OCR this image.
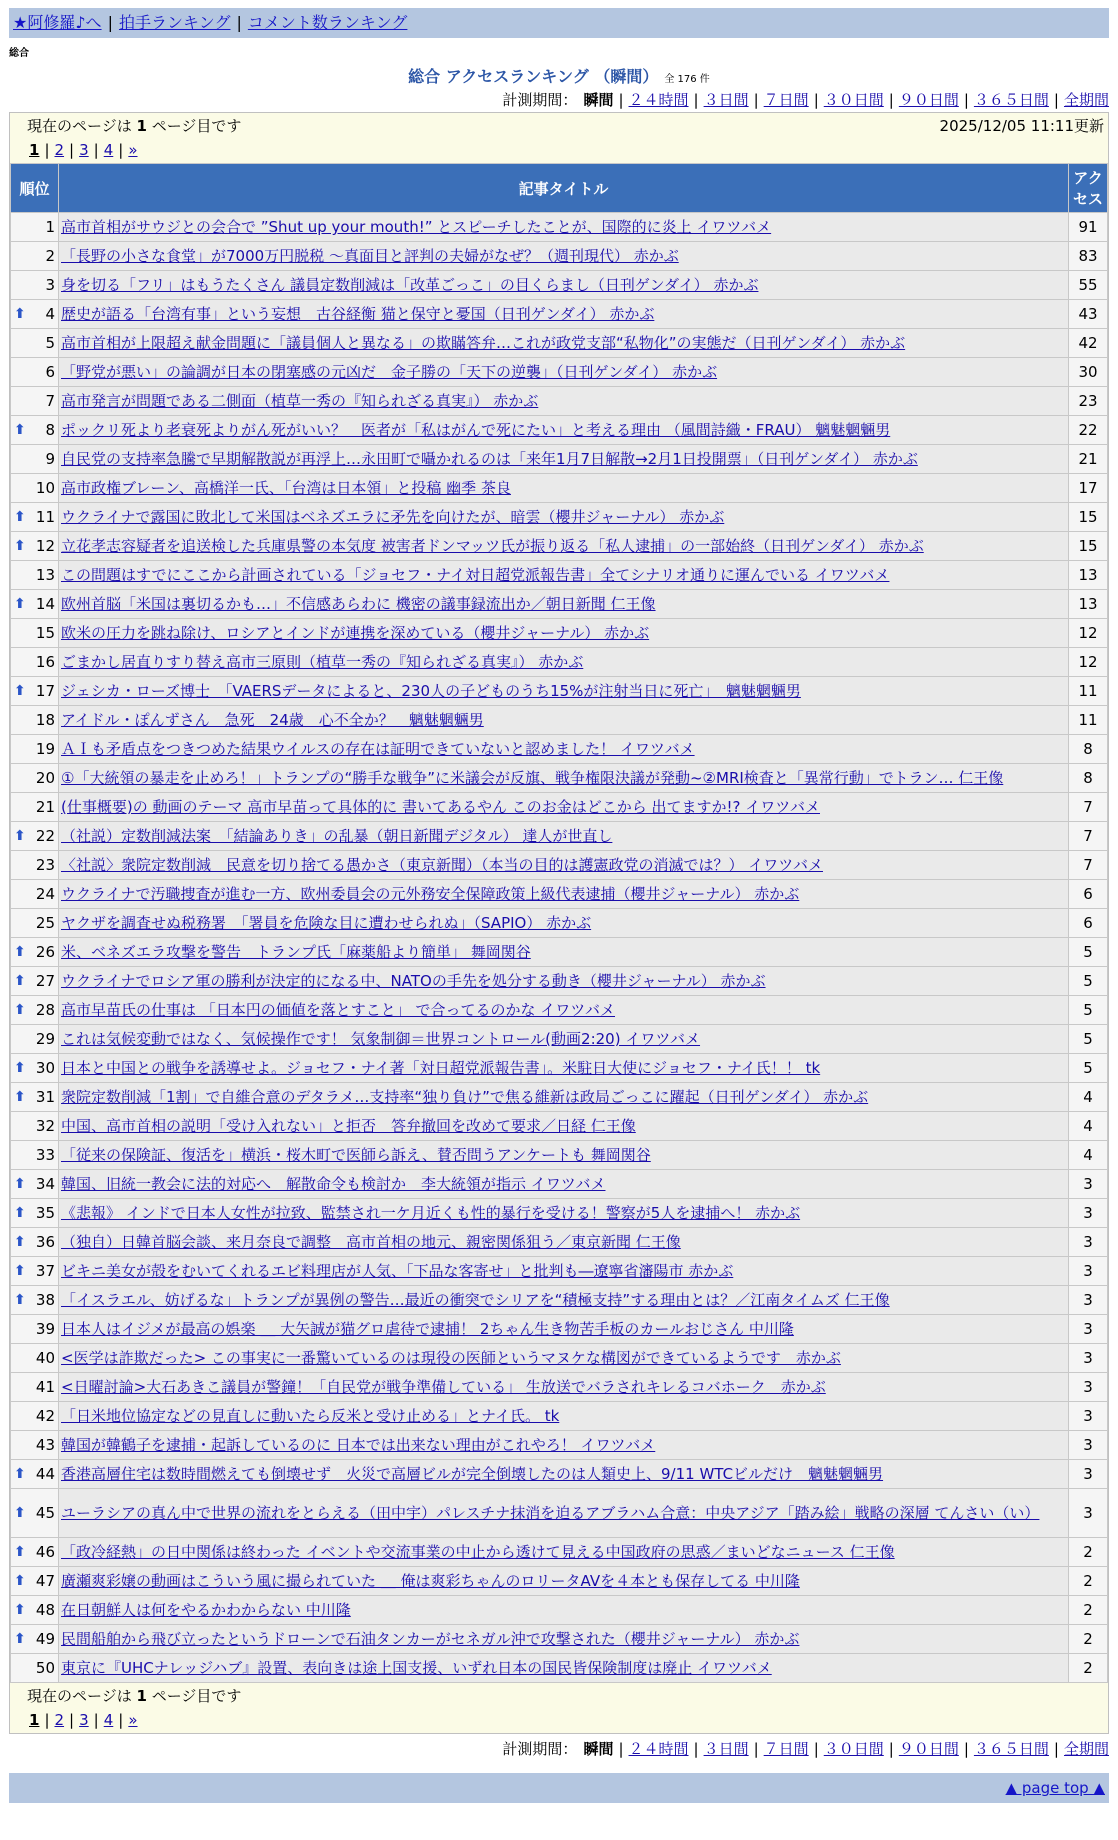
★阿修羅♪へ | 拍手ランキング | コメント数ランキング
総合
総合 アクセスランキング （瞬間） 全 176 件
計測期間： 瞬間 | ２４時間 | ３日間 | ７日間 | ３０日間 | ９０日間 | ３６５日間 | 全期間
現在のページは 1 ページ目です	2025/12/05 11:11更新
1 | 2 | 3 | 4 | »
順位	記事タイトル	アクセス
1	高市首相がサウジとの会合で ”Shut up your mouth!” とスピーチしたことが、国際的に炎上 イワツバメ	91
2	「長野の小さな食堂」が7000万円脱税 ～真面目と評判の夫婦がなぜ？（週刊現代） 赤かぶ	83
3	身を切る「フリ」はもうたくさん 議員定数削減は「改革ごっこ」の目くらまし（日刊ゲンダイ） 赤かぶ	55

⬆ 4	歴史が語る「台湾有事」という妄想　古谷経衡 猫と保守と憂国（日刊ゲンダイ） 赤かぶ	43
5	高市首相が上限超え献金問題に「議員個人と異なる」の欺瞞答弁…これが政党支部“私物化”の実態だ（日刊ゲンダイ） 赤かぶ	42
6	「野党が悪い」の論調が日本の閉塞感の元凶だ　金子勝の「天下の逆襲」（日刊ゲンダイ） 赤かぶ	30
7	高市発言が問題である二側面（植草一秀の『知られざる真実』） 赤かぶ	23

⬆ 8	ポックリ死より老衰死よりがん死がいい？　医者が「私はがんで死にたい」と考える理由 （風間詩織・FRAU） 魑魅魍魎男	22
9	自民党の支持率急騰で早期解散説が再浮上…永田町で囁かれるのは「来年1月7日解散→2月1日投開票」（日刊ゲンダイ） 赤かぶ	21
10	高市政権ブレーン、高橋洋一氏、「台湾は日本領」と投稿 幽季 茶良	17

⬆ 11	ウクライナで露国に敗北して米国はベネズエラに矛先を向けたが、暗雲（櫻井ジャーナル） 赤かぶ	15

⬆ 12	立花孝志容疑者を追送検した兵庫県警の本気度 被害者ドンマッツ氏が振り返る「私人逮捕」の一部始終（日刊ゲンダイ） 赤かぶ	15
13	この問題はすでにここから計画されている「ジョセフ・ナイ対日超党派報告書」全てシナリオ通りに運んでいる イワツバメ	13

⬆ 14	欧州首脳「米国は裏切るかも…」不信感あらわに 機密の議事録流出か／朝日新聞 仁王像	13
15	欧米の圧力を跳ね除け、ロシアとインドが連携を深めている（櫻井ジャーナル） 赤かぶ	12
16	ごまかし居直りすり替え高市三原則（植草一秀の『知られざる真実』） 赤かぶ	12

⬆ 17	ジェシカ・ローズ博士　「VAERSデータによると、230人の子どものうち15%が注射当日に死亡」　魑魅魍魎男	11
18	アイドル・ぽんずさん　急死　24歳　心不全か？　魑魅魍魎男	11
19	ＡＩも矛盾点をつきつめた結果ウイルスの存在は証明できていないと認めました！ イワツバメ	8
20	①「大統領の暴走を止めろ！」トランプの“勝手な戦争”に米議会が反旗、戦争権限決議が発動~②MRI検査と「異常行動」でトラン… 仁王像	8
21	(仕事概要)の 動画のテーマ 高市早苗って具体的に 書いてあるやん このお金はどこから 出てますか!? イワツバメ	7

⬆ 22	（社説）定数削減法案　「結論ありき」の乱暴（朝日新聞デジタル） 達人が世直し	7
23	〈社説〉衆院定数削減　民意を切り捨てる愚かさ（東京新聞）（本当の目的は護憲政党の消滅では？） イワツバメ	7
24	ウクライナで汚職捜査が進む一方、欧州委員会の元外務安全保障政策上級代表逮捕（櫻井ジャーナル） 赤かぶ	6
25	ヤクザを調査せぬ税務署　「署員を危険な目に遭わせられぬ」（SAPIO） 赤かぶ	6

⬆ 26	米、ベネズエラ攻撃を警告　トランプ氏「麻薬船より簡単」 舞岡関谷	5

⬆ 27	ウクライナでロシア軍の勝利が決定的になる中、NATOの手先を処分する動き（櫻井ジャーナル） 赤かぶ	5

⬆ 28	高市早苗氏の仕事は 「日本円の価値を落とすこと」 で合ってるのかな イワツバメ	5
29	これは気候変動ではなく、気候操作です！ 気象制御＝世界コントロール(動画2:20) イワツバメ	5

⬆ 30	日本と中国との戦争を誘導せよ。ジョセフ・ナイ著「対日超党派報告書」。米駐日大使にジョセフ・ナイ氏！！ tk	5

⬆ 31	衆院定数削減「1割」で自維合意のデタラメ…支持率“独り負け”で焦る維新は政局ごっこに躍起（日刊ゲンダイ） 赤かぶ	4
32	中国、高市首相の説明「受け入れない」と拒否　答弁撤回を改めて要求／日経 仁王像	4
33	「従来の保険証、復活を」横浜・桜木町で医師ら訴え、賛否問うアンケートも 舞岡関谷	4

⬆ 34	韓国、旧統一教会に法的対応へ　解散命令も検討か　李大統領が指示 イワツバメ	3

⬆ 35	《悲報》 インドで日本人女性が拉致、監禁され一ケ月近くも性的暴行を受ける！警察が5人を逮捕へ！ 赤かぶ	3

⬆ 36	（独自）日韓首脳会談、来月奈良で調整　高市首相の地元、親密関係狙う／東京新聞 仁王像	3

⬆ 37	ビキニ美女が殻をむいてくれるエビ料理店が人気、「下品な客寄せ」と批判も―遼寧省瀋陽市 赤かぶ	3

⬆ 38	「イスラエル、妨げるな」トランプが異例の警告…最近の衝突でシリアを“積極支持”する理由とは？／江南タイムズ 仁王像	3
39	日本人はイジメが最高の娯楽 ＿ 大矢誠が猫グロ虐待で逮捕！ 2ちゃん生き物苦手板のカールおじさん 中川隆	3
40	<医学は詐欺だった> この事実に一番驚いているのは現役の医師というマヌケな構図ができているようです　赤かぶ	3
41	<日曜討論>大石あきこ議員が警鐘！「自民党が戦争準備している」 生放送でバラされキレるコバホーク　赤かぶ	3
42	「日米地位協定などの見直しに動いたら反米と受け止める」とナイ氏。 tk	3
43	韓国が韓鶴子を逮捕・起訴しているのに 日本では出来ない理由がこれやろ！ イワツバメ	3

⬆ 44	香港高層住宅は数時間燃えても倒壊せず　火災で高層ビルが完全倒壊したのは人類史上、9/11 WTCビルだけ　魑魅魍魎男	3

⬆ 45	ユーラシアの真ん中で世界の流れをとらえる（田中宇）パレスチナ抹消を迫るアブラハム合意：中央アジア「踏み絵」戦略の深層 てんさい（い）	3

⬆ 46	「政冷経熱」の日中関係は終わった イベントや交流事業の中止から透けて見える中国政府の思惑／まいどなニュース 仁王像	2

⬆ 47	廣瀬爽彩嬢の動画はこういう風に撮られていた ＿ 俺は爽彩ちゃんのロリータAVを４本とも保存してる 中川隆	2

⬆ 48	在日朝鮮人は何をやるかわからない 中川隆	2

⬆ 49	民間船舶から飛び立ったというドローンで石油タンカーがセネガル沖で攻撃された（櫻井ジャーナル） 赤かぶ	2
50	東京に『UHCナレッジハブ』設置、表向きは途上国支援、いずれ日本の国民皆保険制度は廃止 イワツバメ	2
現在のページは 1 ページ目です
1 | 2 | 3 | 4 | »
計測期間： 瞬間 | ２４時間 | ３日間 | ７日間 | ３０日間 | ９０日間 | ３６５日間 | 全期間
▲ page top ▲
